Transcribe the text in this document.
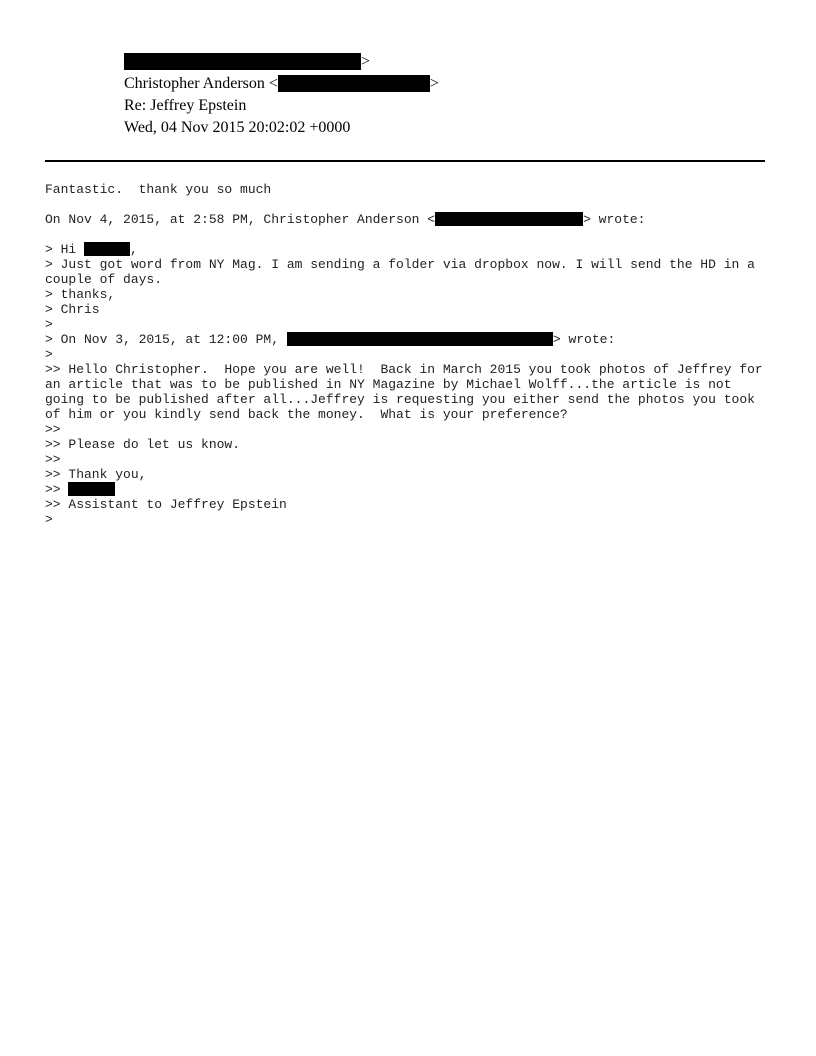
>
Christopher Anderson <	>
Re: Jeffrey Epstein
Wed, 04 Nov 2015 20:02:02 +0000
Fantastic.  thank you so much
On Nov 4, 2015, at 2:58 PM, Christopher Anderson <	> wrote:
> Hi	,
> Just got word from NY Mag. I am sending a folder via dropbox now. I will send the HD in a
couple of days.
> thanks,
> Chris
>
> On Nov 3, 2015, at 12:00 PM,	> wrote:
>
>> Hello Christopher.  Hope you are well!  Back in March 2015 you took photos of Jeffrey for
an article that was to be published in NY Magazine by Michael Wolff...the article is not
going to be published after all...Jeffrey is requesting you either send the photos you took
of him or you kindly send back the money.  What is your preference?
>>
>> Please do let us know.
>>
>> Thank you,
>>
>> Assistant to Jeffrey Epstein
>
